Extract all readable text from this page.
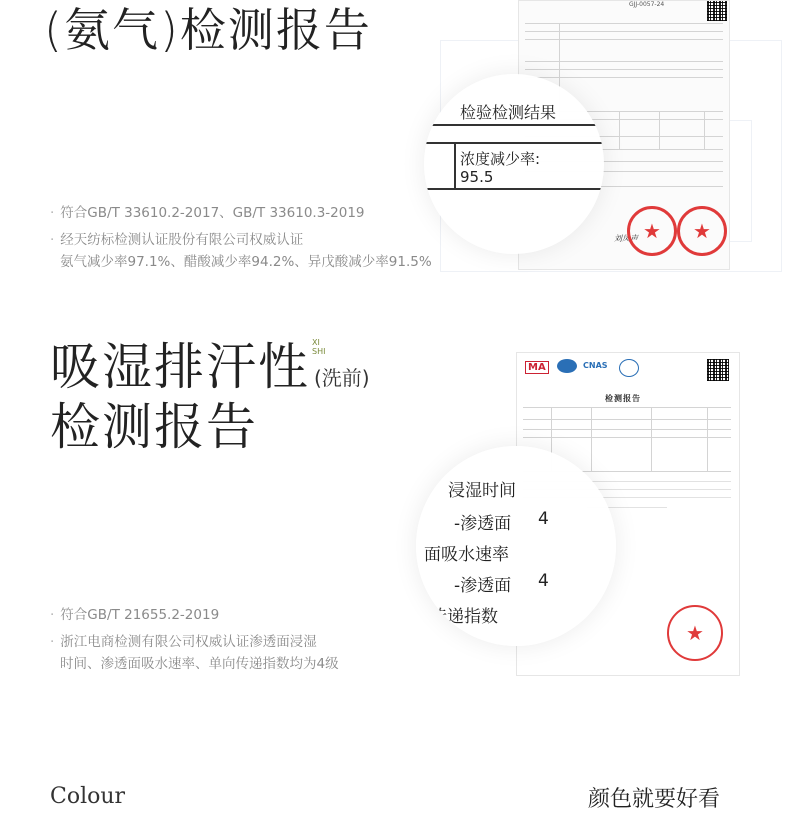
(氨气)检测报告	GJJ-0057-24
刘凤声
★
★
检验检测结果
浓度减少率:
95.5
· 符合GB/T 33610.2-2017、GB/T 33610.3-2019
· 经天纺标检测认证股份有限公司权威认证
氨气减少率97.1%、醋酸减少率94.2%、异戊酸减少率91.5%
吸湿排汗性 XI SHI
(洗前)
检测报告
MA	CNAS
检测报告
★
浸湿时间
-渗透面 4
面吸水速率
-渗透面 4
传递指数
· 符合GB/T 21655.2-2019
· 浙江电商检测有限公司权威认证渗透面浸湿
时间、渗透面吸水速率、单向传递指数均为4级
Colour	颜色就要好看
